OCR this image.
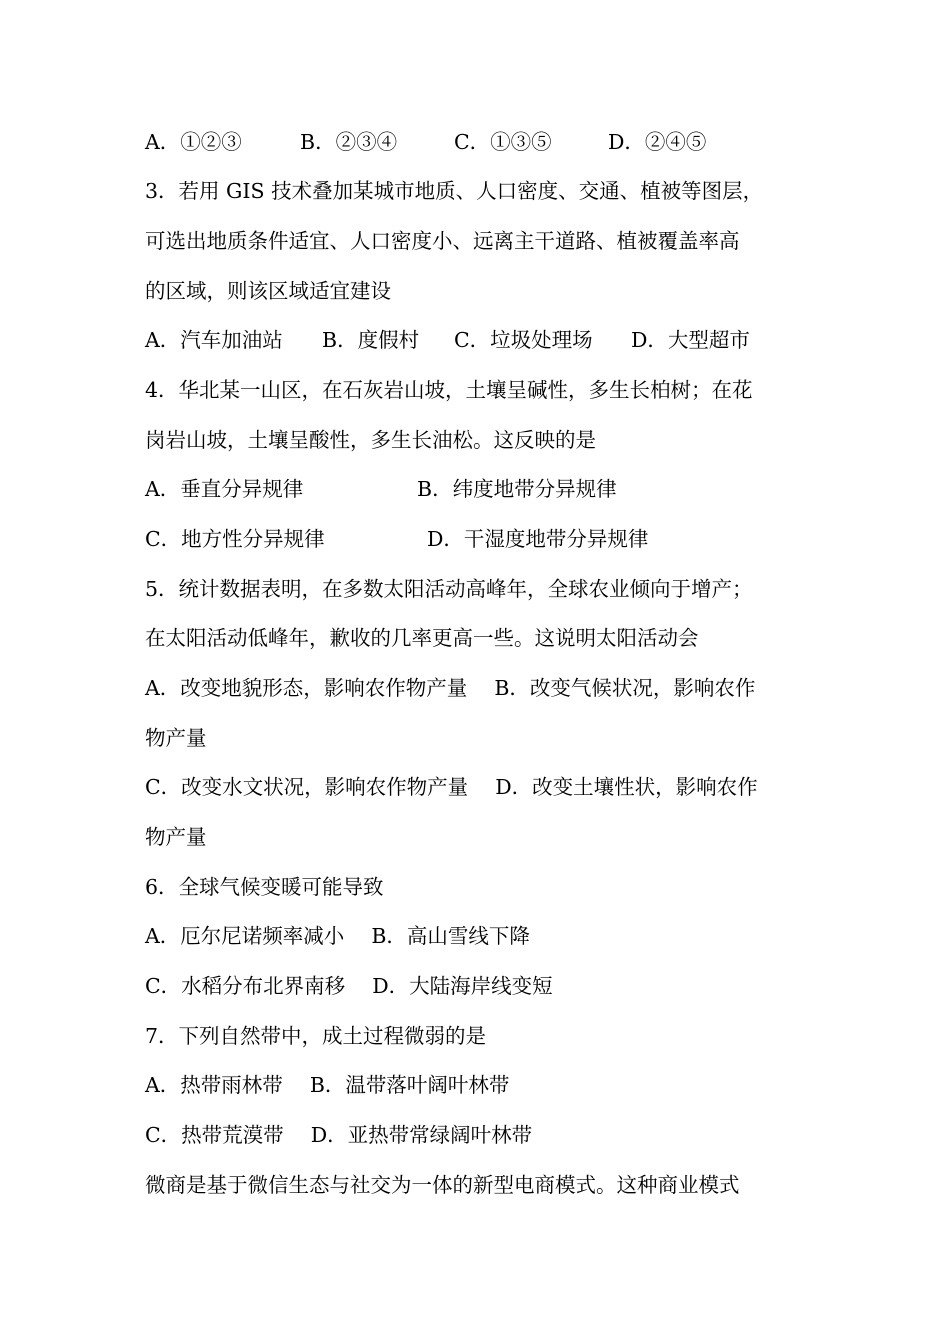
A．①②③	B．②③④	C．①③⑤	D．②④⑤
3．若用 GIS 技术叠加某城市地质、人口密度、交通、植被等图层，
可选出地质条件适宜、人口密度小、远离主干道路、植被覆盖率高
的区域，则该区域适宜建设
A．汽车加油站 B．度假村 C．垃圾处理场 D．大型超市
4．华北某一山区，在石灰岩山坡，土壤呈碱性，多生长柏树；在花
岗岩山坡，土壤呈酸性，多生长油松。这反映的是
A．垂直分异规律	B．纬度地带分异规律
C．地方性分异规律	D．干湿度地带分异规律
5．统计数据表明，在多数太阳活动高峰年，全球农业倾向于增产；
在太阳活动低峰年，歉收的几率更高一些。这说明太阳活动会
A．改变地貌形态，影响农作物产量　 B．改变气候状况，影响农作
物产量
C．改变水文状况，影响农作物产量　 D．改变土壤性状，影响农作
物产量
6．全球气候变暖可能导致
A．厄尔尼诺频率减小　 B．高山雪线下降
C．水稻分布北界南移　 D．大陆海岸线变短
7．下列自然带中，成土过程微弱的是
A．热带雨林带　 B．温带落叶阔叶林带
C．热带荒漠带　 D．亚热带常绿阔叶林带
微商是基于微信生态与社交为一体的新型电商模式。这种商业模式
